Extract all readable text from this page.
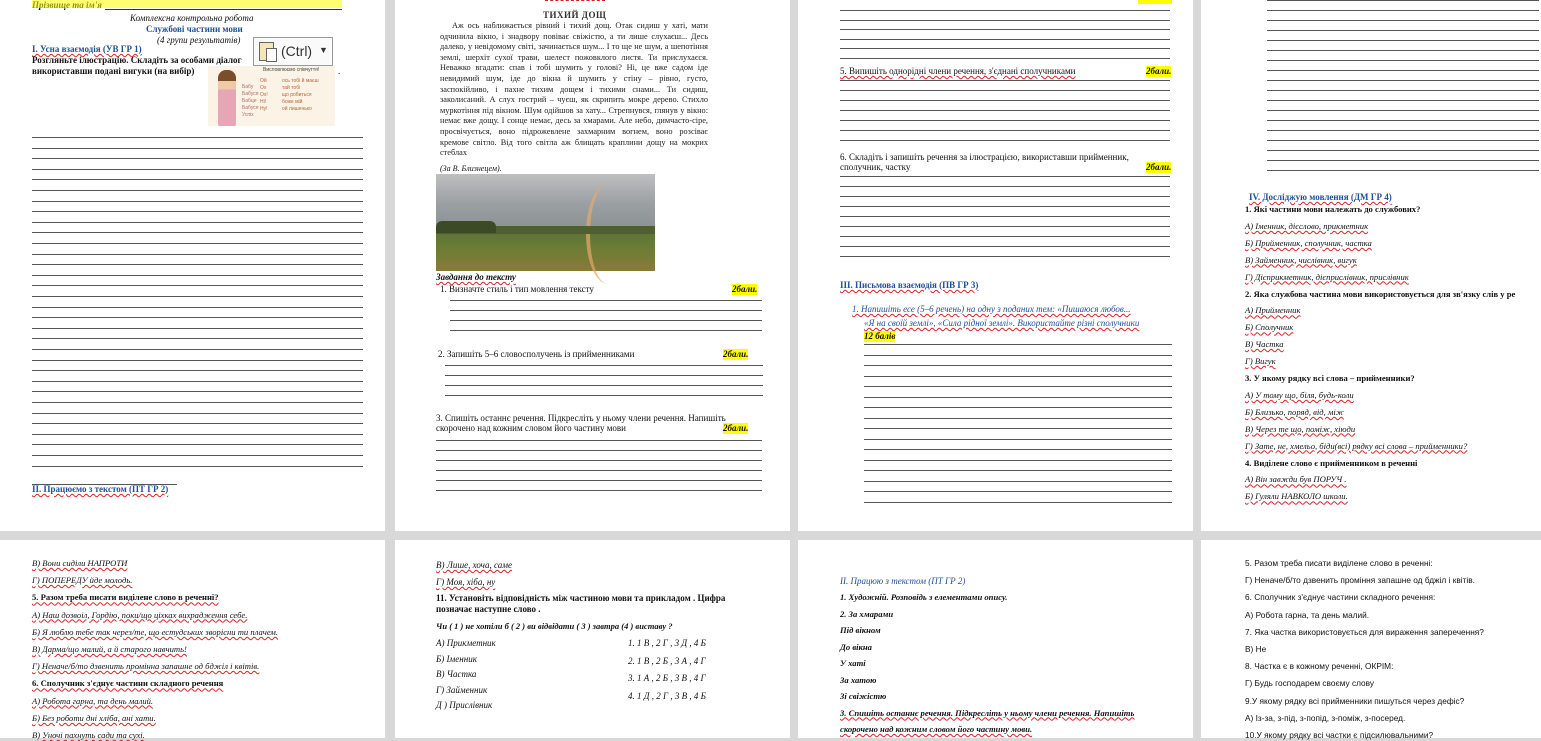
Комплексна контрольна робота
Службові частини мови
(4 групи результатів)
І. Усна взаємодія (УВ ГР 1)
Розгляньте ілюстрацію. Складіть за особами діалог
використавши подані вигуки (на вибір)
(Ctrl) ▼
.
Висловлюємо співчуття!
Бабу
Бабуся
Бабце
Бабуся
Успіх
Ой
Ох
Ох!
Ні!
Ну!
ось тобі й маєш
тай тобі
що робиться
боже мій
ой лишенько
ІІ. Працюємо з текстом (ПТ ГР 2)
ТИХИЙ ДОЩ
Аж ось наближається рівний і тихий дощ. Отак сидиш у хаті, мати одчинила вікно, і знадвору повіває свіжістю, а ти лише слухаєш... Десь далеко, у невідомому світі, зачинається шум... І то ще не шум, а шепотіння землі, шерхіт сухої трави, шелест пожовклого листя. Ти прислухаєся. Неважко вгадати: спав і тобі шумить у голові? Ні, це вже садом іде невидимий шум, іде до вікна й шумить у стіну – рівно, густо, заспокійливо, і пахне тихим дощем і тихими снами... Ти сидиш, заколисаний. А слух гострий – чуєш, як скрипить мокре дерево. Стихло муркотіння під вікном. Шум одійшов за хату... Стрепнувся, глянув у вікно: немає вже дощу. І сонце немає, десь за хмарами. Але небо, димчасто-сіре, просвічується, воно підрожевлене захмарним вогнем, воно розсіває кремове світло. Від того світла аж блищать краплини дощу на мокрих стеблах
(За В. Близнецем).
Завдання до тексту
1. Визначте стиль і тип мовлення тексту	2бали.
2. Запишіть 5–6 словосполучень із прийменниками	2бали.
3. Спишіть останнє речення. Підкресліть у ньому члени речення. Напишіть
скорочено над кожним словом його частину мови	2бали.
5. Випишіть однорідні члени речення, з'єднані сполучниками	2бали.
6. Складіть і запишіть речення за ілюстрацією, використавши прийменник,
сполучник, частку	2бали.
ІІІ. Письмова взаємодія (ПВ ГР 3)
1. Напишіть есе (5–6 речень) на одну з поданих тем: «Пишаюся любов...
«Я на своїй землі», «Сила рідної землі». Використайте різні сполучники
12 балів
IV. Досліджую мовлення (ДМ ГР 4)
1. Які частини мови належать до службових?
А) Іменник, дієслово, прикметник
Б) Прийменник, сполучник, частка
В) Займенник, числівник, вигук
Г) Дієприкметник, дієприслівник, прислівник
2. Яка службова частина мови використовується для зв'язку слів у ре
А) Прийменник
Б) Сполучник
В) Частка
Г) Вигук
3. У якому рядку всі слова – прийменники?
А) У тому що, біля, будь-коли
Б) Близько, поряд, від, між
В) Через те що, поміж, хіюди
Г) Зате, не, хмельо, біди(всі) рядку всі слова – прийменники?
4. Виділене слово є прийменником в реченні
А) Він завжди був ПОРУЧ .
Б) Гуляли НАВКОЛО школи.
В) Вони сиділи НАПРОТИ
Г) ПОПЕРЕДУ йде молодь.
5. Разом треба писати виділене слово в реченні?
А) Наш дозвоіл, Гордію, поки/що ціхках вихрадження себе.
Б) Я люблю тебе так через/те, що естудських зворісни ти плачем.
В) Дарма/що малий, а й старого навчить!
Г) Неначе/б/то дзвенить промінна запашне од бджіл і квітів.
6. Сполучник з'єднує частини складного речення
А) Робота гарна, та день малий.
Б) Без роботи дні хліба, ані хати.
В) Уночі пахнуть сади та сухі.
В) Лише, хоча, саме
Г) Моя, хіба, ну
11. Установіть відповідність між частиною мови та прикладом . Цифра
позначає наступне слово .
Чи ( 1 ) не хотіли б ( 2 ) ви відвідати ( 3 ) завтра (4 ) виставу ?
А) Прикметник
Б) Іменник
В) Частка
Г) Займенник
Д ) Прислівник
1. 1 В , 2 Г , 3 Д , 4 Б
2. 1 В , 2 Б , 3 А , 4 Г
3. 1 А , 2 Б , 3 В , 4 Г
4. 1 Д , 2 Г , 3 В , 4 Б
ІІ. Працюю з текстом (ПТ ГР 2)
1. Художній. Розповідь з елементами опису.
2. За хмарами
Під вікном
До вікна
У хаті
За хатою
Зі свіжістю
3. Спишіть останнє речення. Підкресліть у ньому члени речення. Напишіть
скорочено над кожним словом його частину мови.
5. Разом треба писати виділене слово в реченні:
Г) Неначе/б/то дзвенить проміння запашне од бджіл і квітів.
6. Сполучник з'єднує частини складного речення:
А) Робота гарна, та день малий.
7. Яка частка використовується для вираження заперечення?
В) Не
8. Частка є в кожному реченні, ОКРІМ:
Г) Будь господарем своєму слову
9.У якому рядку всі прийменники пишуться через дефіс?
А) Із-за, з-під, з-попід, з-поміж, з-посеред.
10.У якому рядку всі частки є підсилювальними?
